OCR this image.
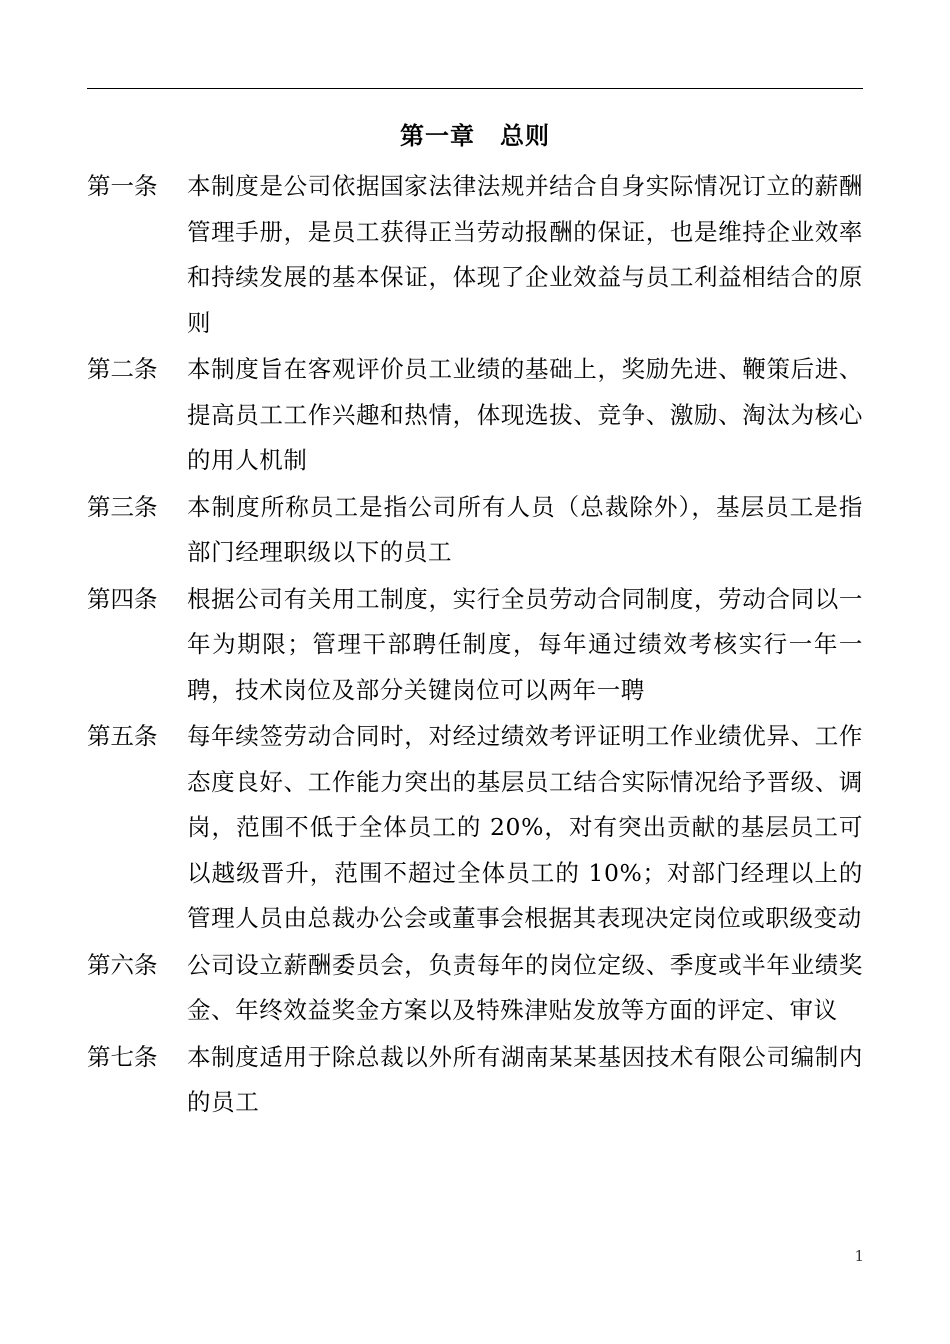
第一章　总则
第一条	本制度是公司依据国家法律法规并结合自身实际情况订立的薪酬管理手册，是员工获得正当劳动报酬的保证，也是维持企业效率和持续发展的基本保证，体现了企业效益与员工利益相结合的原则
第二条	本制度旨在客观评价员工业绩的基础上，奖励先进、鞭策后进、提高员工工作兴趣和热情，体现选拔、竞争、激励、淘汰为核心的用人机制
第三条	本制度所称员工是指公司所有人员（总裁除外），基层员工是指部门经理职级以下的员工
第四条	根据公司有关用工制度，实行全员劳动合同制度，劳动合同以一年为期限；管理干部聘任制度，每年通过绩效考核实行一年一聘，技术岗位及部分关键岗位可以两年一聘
第五条	每年续签劳动合同时，对经过绩效考评证明工作业绩优异、工作态度良好、工作能力突出的基层员工结合实际情况给予晋级、调岗，范围不低于全体员工的 20%，对有突出贡献的基层员工可以越级晋升，范围不超过全体员工的 10%；对部门经理以上的管理人员由总裁办公会或董事会根据其表现决定岗位或职级变动
第六条	公司设立薪酬委员会，负责每年的岗位定级、季度或半年业绩奖金、年终效益奖金方案以及特殊津贴发放等方面的评定、审议
第七条	本制度适用于除总裁以外所有湖南某某基因技术有限公司编制内的员工
1
